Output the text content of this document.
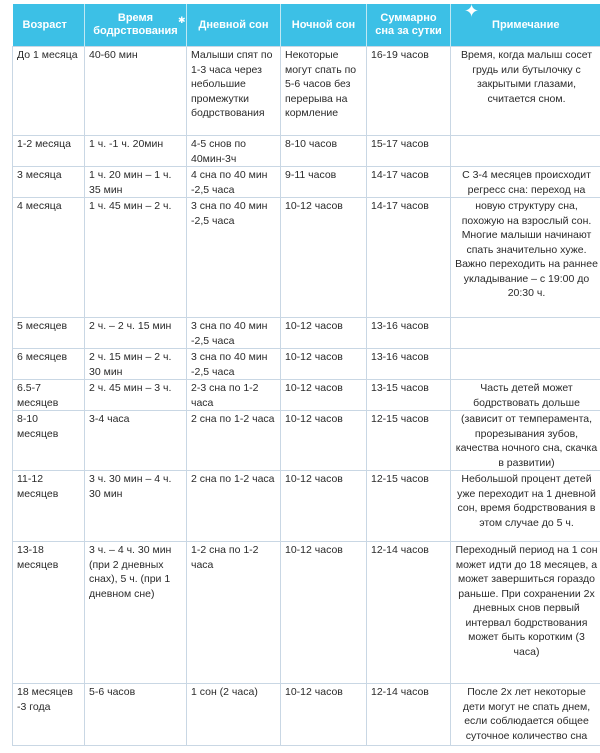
Возраст	Время бодрствования	Дневной сон	Ночной сон	Суммарно сна за сутки	Примечание
До 1 месяца	40-60 мин	Малыши спят по 1-3 часа через небольшие промежутки бодрствования	Некоторые могут спать по 5-6 часов без перерыва на кормление	16-19 часов	Время, когда малыш сосет грудь или бутылочку с закрытыми глазами, считается сном.
1-2 месяца	1 ч. -1 ч. 20мин	4-5 снов по 40мин-3ч	8-10 часов	15-17 часов	
3 месяца	1 ч. 20 мин – 1 ч. 35 мин	4 сна по 40 мин -2,5 часа	9-11 часов	14-17 часов	С 3-4 месяцев происходит регресс сна: переход на
4 месяца	1 ч. 45 мин – 2 ч.	3 сна по 40 мин -2,5 часа	10-12 часов	14-17 часов	новую структуру сна, похожую на взрослый сон. Многие малыши начинают спать значительно хуже. Важно переходить на раннее укладывание – с 19:00 до 20:30 ч.
5 месяцев	2 ч. – 2 ч. 15 мин	3 сна по 40 мин -2,5 часа	10-12 часов	13-16 часов	
6 месяцев	2 ч. 15 мин – 2 ч. 30 мин	3 сна по 40 мин -2,5 часа	10-12 часов	13-16 часов	
6.5-7 месяцев	2 ч. 45 мин – 3 ч.	2-3 сна по 1-2 часа	10-12 часов	13-15 часов	Часть детей может бодрствовать дольше
8-10 месяцев	3-4 часа	2 сна по 1-2 часа	10-12 часов	12-15 часов	(зависит от темперамента, прорезывания зубов, качества ночного сна, скачка в развитии)
11-12 месяцев	3 ч. 30 мин – 4 ч. 30 мин	2 сна по 1-2 часа	10-12 часов	12-15 часов	Небольшой процент детей уже переходит на 1 дневной сон, время бодрствования в этом случае до 5 ч.
13-18 месяцев	3 ч. – 4 ч. 30 мин (при 2 дневных снах), 5 ч. (при 1 дневном сне)	1-2 сна по 1-2 часа	10-12 часов	12-14 часов	Переходный период на 1 сон может идти до 18 месяцев, а может завершиться гораздо раньше. При сохранении 2х дневных снов первый интервал бодрствования может быть коротким (3 часа)
18 месяцев -3 года	5-6 часов	1 сон (2 часа)	10-12 часов	12-14 часов	После 2х лет некоторые дети могут не спать днем, если соблюдается общее суточное количество сна
✱	✦
